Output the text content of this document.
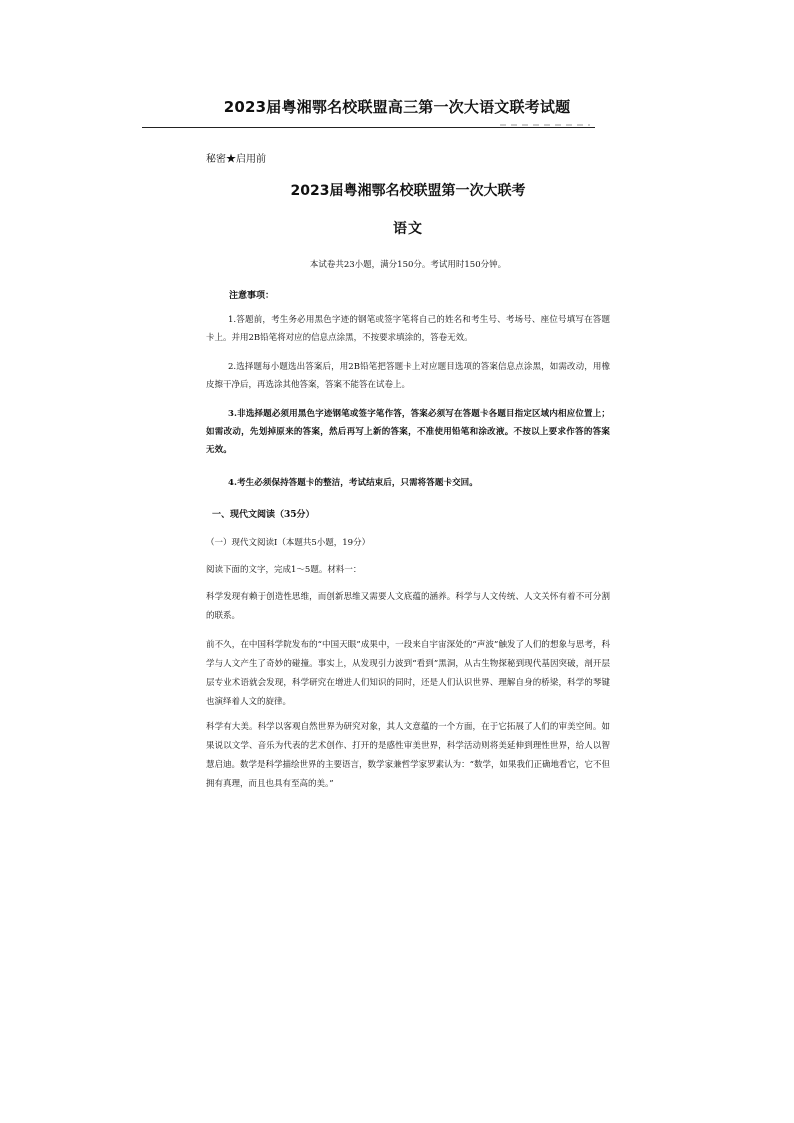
2023届粤湘鄂名校联盟高三第一次大语文联考试题
秘密★启用前
2023届粤湘鄂名校联盟第一次大联考
语文
本试卷共23小题，满分150分。考试用时150分钟。
注意事项：
1.答题前，考生务必用黑色字迹的钢笔或签字笔将自己的姓名和考生号、考场号、座位号填写在答题卡上。并用2B铅笔将对应的信息点涂黑，不按要求填涂的，答卷无效。
2.选择题每小题选出答案后，用2B铅笔把答题卡上对应题目选项的答案信息点涂黑，如需改动，用橡皮擦干净后，再选涂其他答案，答案不能答在试卷上。
3.非选择题必须用黑色字迹钢笔或签字笔作答，答案必须写在答题卡各题目指定区域内相应位置上；如需改动，先划掉原来的答案，然后再写上新的答案，不准使用铅笔和涂改液。不按以上要求作答的答案无效。
4.考生必须保持答题卡的整洁，考试结束后，只需将答题卡交回。
一、现代文阅读（35分）
（一）现代文阅读Ⅰ（本题共5小题，19分）
阅读下面的文字，完成1～5题。材料一：
科学发现有赖于创造性思维，而创新思维又需要人文底蕴的涵养。科学与人文传统、人文关怀有着不可分割的联系。
前不久，在中国科学院发布的“中国天眼”成果中，一段来自宇宙深处的“声波”触发了人们的想象与思考，科学与人文产生了奇妙的碰撞。事实上，从发现引力波到“看到”黑洞，从古生物探秘到现代基因突破，剖开层层专业术语就会发现，科学研究在增进人们知识的同时，还是人们认识世界、理解自身的桥梁，科学的琴键也演绎着人文的旋律。
科学有大美。科学以客观自然世界为研究对象，其人文意蕴的一个方面，在于它拓展了人们的审美空间。如果说以文学、音乐为代表的艺术创作、打开的是感性审美世界，科学活动则将美延伸到理性世界，给人以智慧启迪。数学是科学描绘世界的主要语言，数学家兼哲学家罗素认为：“数学，如果我们正确地看它，它不但拥有真理，而且也具有至高的美。”
